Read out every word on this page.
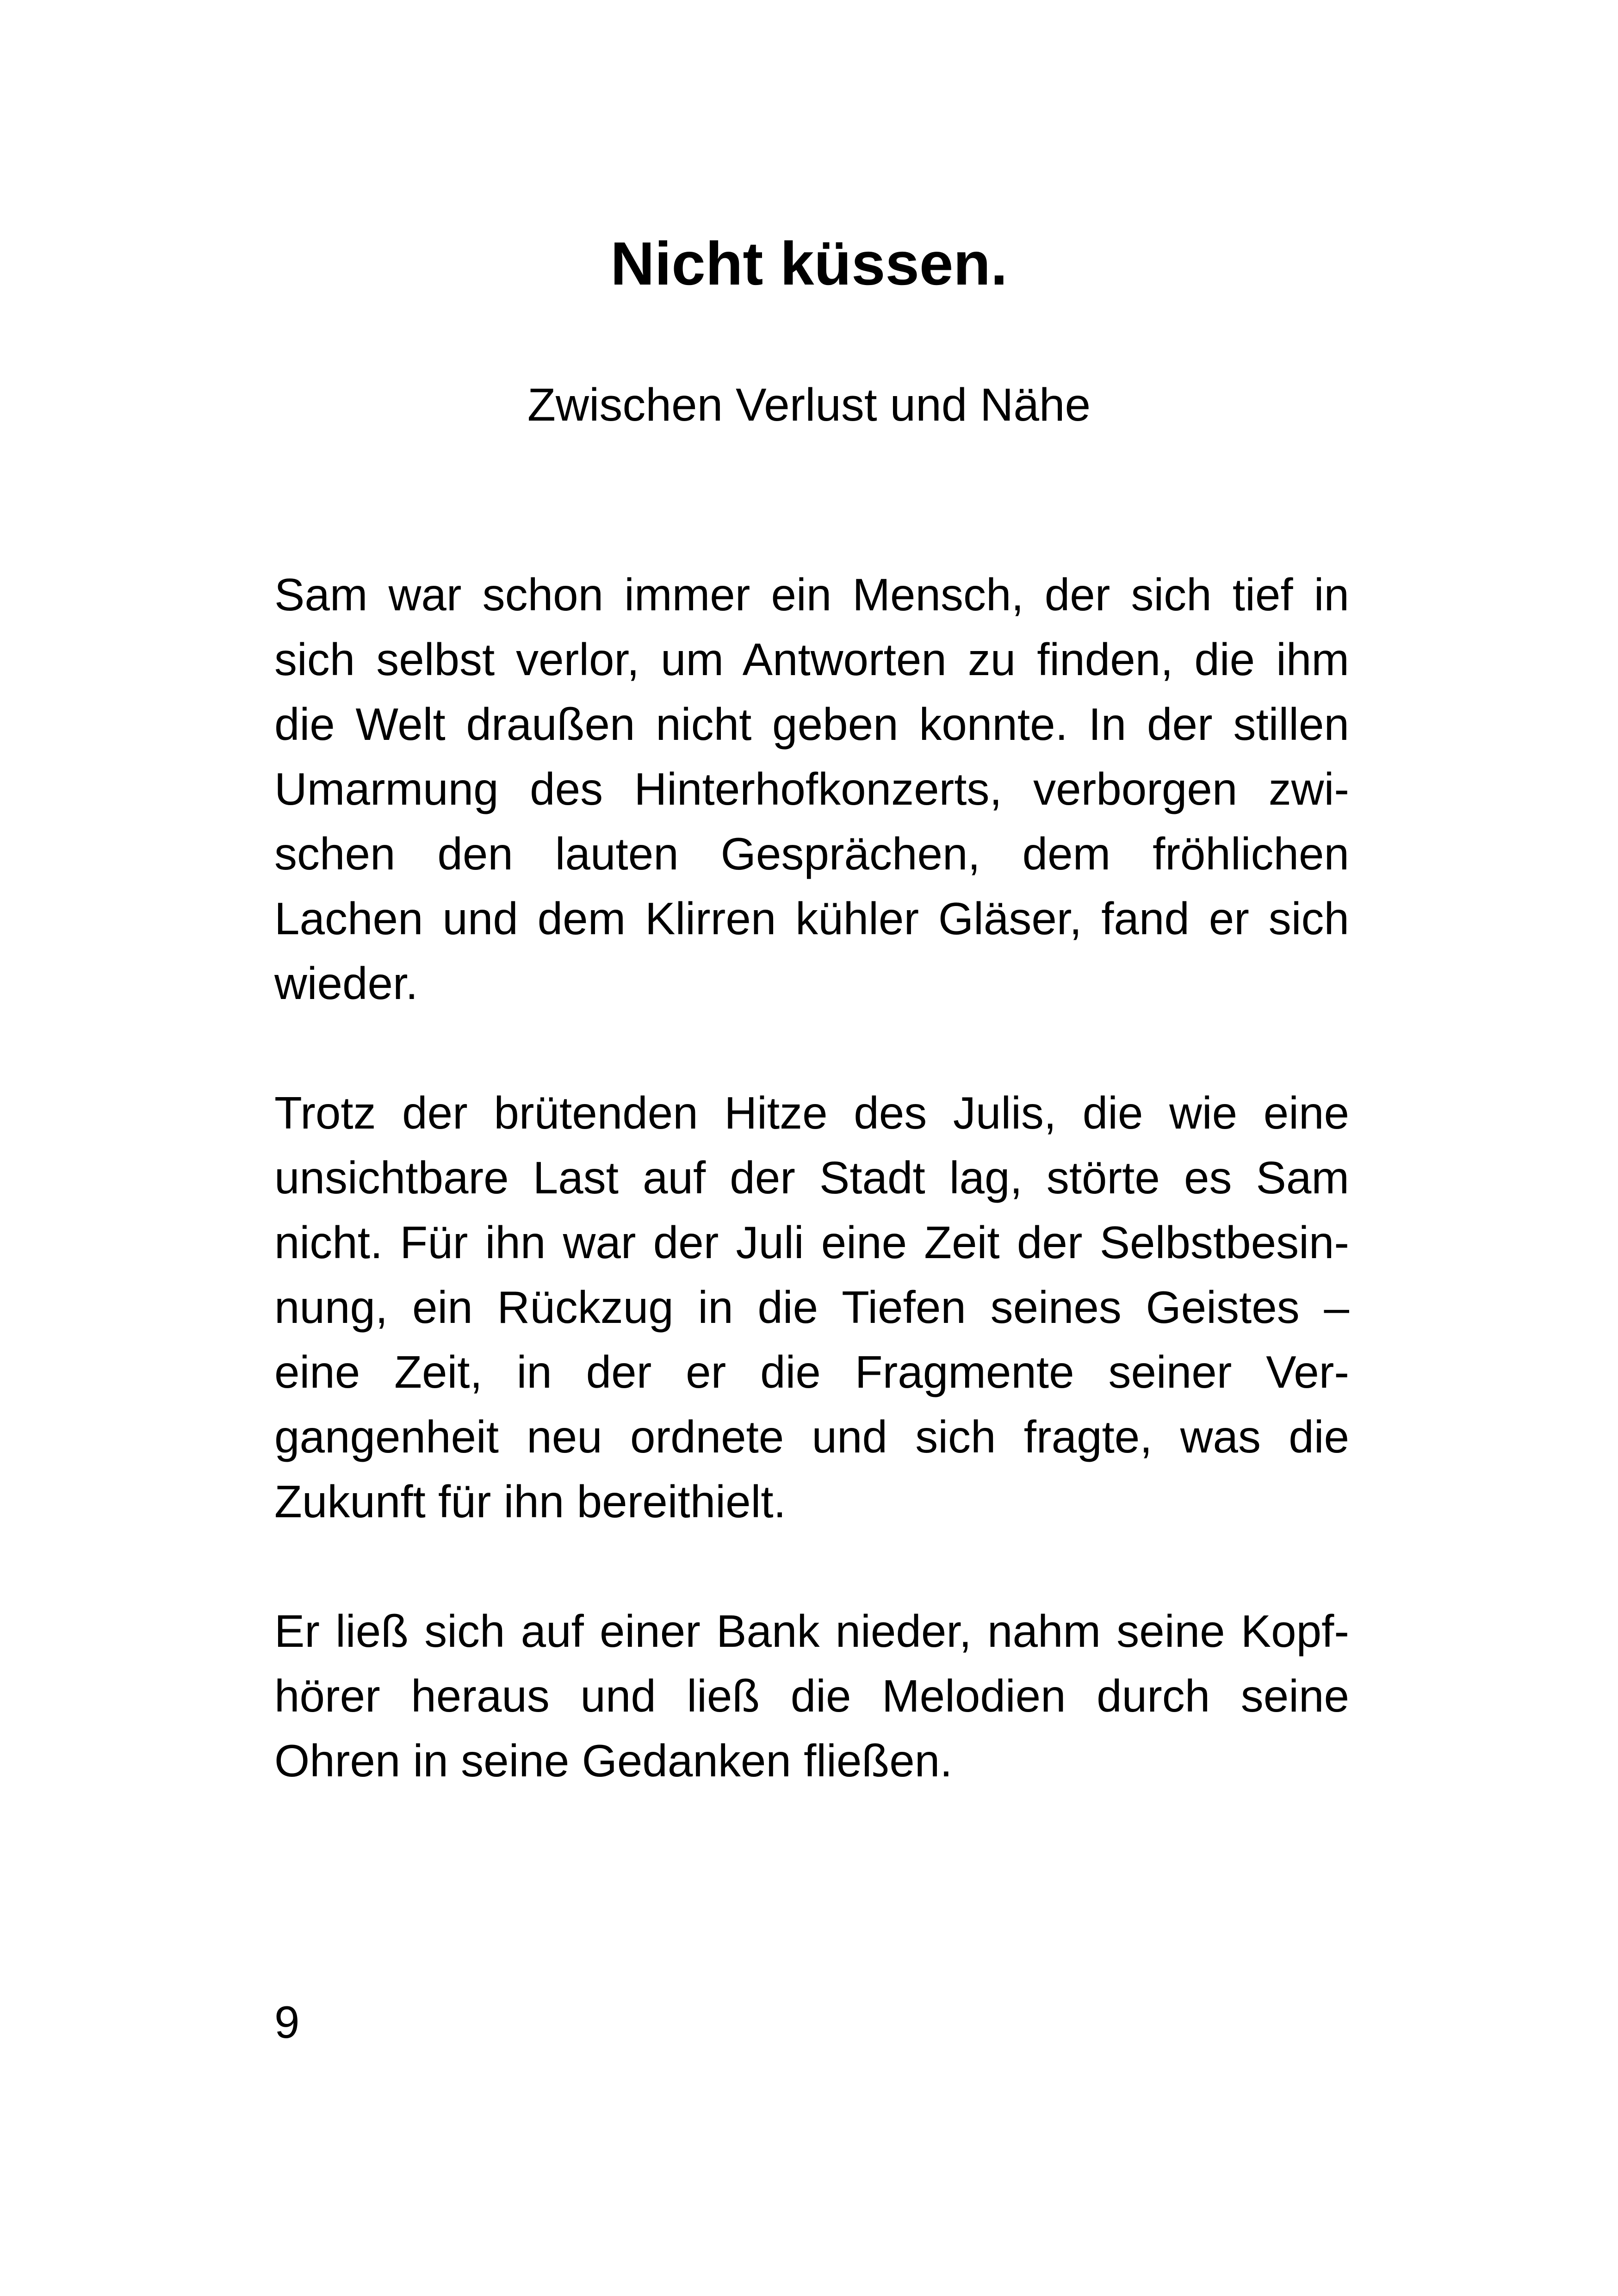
Nicht küssen.

Zwischen Verlust und Nähe

Sam war schon immer ein Mensch, der sich tief in sich selbst verlor, um Antworten zu finden, die ihm die Welt draußen nicht geben konnte. In der stillen Umarmung des Hinterhofkonzerts, verborgen zwischen den lauten Gesprächen, dem fröhlichen Lachen und dem Klirren kühler Gläser, fand er sich wieder.

Trotz der brütenden Hitze des Julis, die wie eine unsichtbare Last auf der Stadt lag, störte es Sam nicht. Für ihn war der Juli eine Zeit der Selbstbesinnung, ein Rückzug in die Tiefen seines Geistes – eine Zeit, in der er die Fragmente seiner Vergangenheit neu ordnete und sich fragte, was die Zukunft für ihn bereithielt.

Er ließ sich auf einer Bank nieder, nahm seine Kopfhörer heraus und ließ die Melodien durch seine Ohren in seine Gedanken fließen.

9
